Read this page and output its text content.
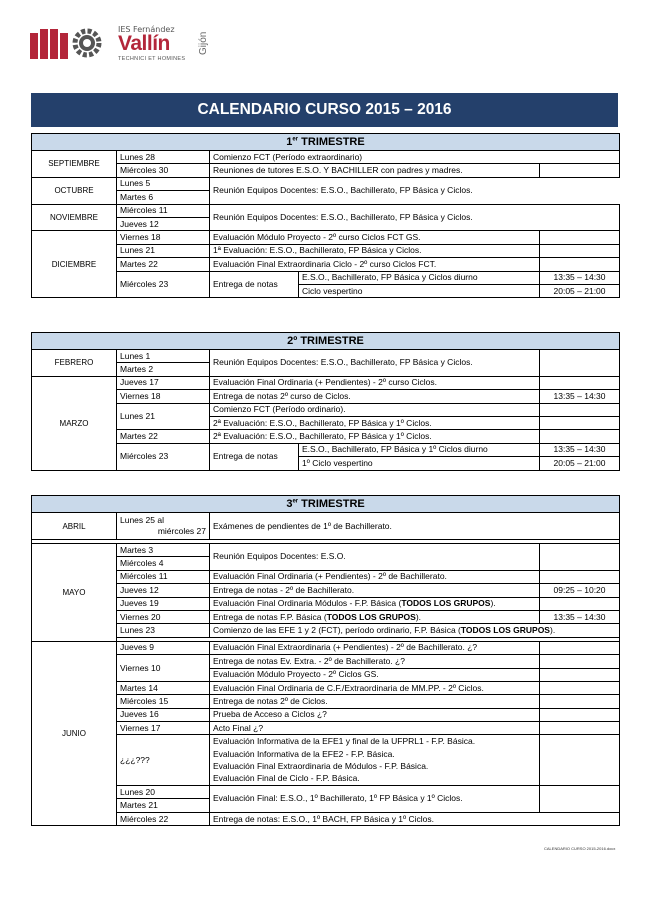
IES Fernández
Vallín
TECHNICI ET HOMINES
Gijón
CALENDARIO CURSO 2015 – 2016
1er TRIMESTRE				
SEPTIEMBRE	Lunes 28	Comienzo FCT (Período extraordinario)		
	Miércoles 30	Reuniones de tutores E.S.O. Y BACHILLER con padres y madres.		
OCTUBRE	Lunes 5	Reunión Equipos Docentes: E.S.O., Bachillerato, FP Básica y Ciclos.		
	Martes 6			
NOVIEMBRE	Miércoles 11	Reunión Equipos Docentes: E.S.O., Bachillerato, FP Básica y Ciclos.		
	Jueves 12			
DICIEMBRE	Viernes 18	Evaluación Módulo Proyecto - 2º curso Ciclos FCT GS.		
	Lunes 21	1ª Evaluación: E.S.O., Bachillerato, FP Básica y Ciclos.		
	Martes 22	Evaluación Final Extraordinaria Ciclo - 2º curso Ciclos FCT.		
	Miércoles 23	Entrega de notas	E.S.O., Bachillerato, FP Básica y Ciclos diurno	13:35 – 14:30
			Ciclo vespertino	20:05 – 21:00
2º TRIMESTRE				
FEBRERO	Lunes 1	Reunión Equipos Docentes: E.S.O., Bachillerato, FP Básica y Ciclos.		
	Martes 2			
MARZO	Jueves 17	Evaluación Final Ordinaria (+ Pendientes) - 2º curso Ciclos.		
	Viernes 18	Entrega de notas 2º curso de Ciclos.		13:35 – 14:30
	Lunes 21	Comienzo FCT (Período ordinario).		
		2ª Evaluación: E.S.O., Bachillerato, FP Básica y 1º Ciclos.		
	Martes 22	2ª Evaluación: E.S.O., Bachillerato, FP Básica y 1º Ciclos.		
	Miércoles 23	Entrega de notas	E.S.O., Bachillerato, FP Básica y 1º Ciclos diurno	13:35 – 14:30
			1º Ciclo vespertino	20:05 – 21:00
3er TRIMESTRE			
ABRIL	Lunes 25 al
miércoles 27	Exámenes de pendientes de 1º de Bachillerato.	

MAYO	Martes 3	Reunión Equipos Docentes: E.S.O.	
	Miércoles 4		
	Miércoles 11	Evaluación Final Ordinaria (+ Pendientes) - 2º de Bachillerato.	
	Jueves 12	Entrega de notas - 2º de Bachillerato.	09:25 – 10:20
	Jueves 19	Evaluación Final Ordinaria Módulos - F.P. Básica (TODOS LOS GRUPOS).	
	Viernes 20	Entrega de notas F.P. Básica (TODOS LOS GRUPOS).	13:35 – 14:30
	Lunes 23	Comienzo de las EFE 1 y 2 (FCT), período ordinario, F.P. Básica (TODOS LOS GRUPOS).	

JUNIO	Jueves 9	Evaluación Final Extraordinaria (+ Pendientes) - 2º de Bachillerato. ¿?	
	Viernes 10	Entrega de notas Ev. Extra. - 2º de Bachillerato. ¿?	
		Evaluación Módulo Proyecto - 2º Ciclos GS.	
	Martes 14	Evaluación Final Ordinaria de C.F./Extraordinaria de MM.PP. - 2º Ciclos.	
	Miércoles 15	Entrega de notas 2º de Ciclos.	
	Jueves 16	Prueba de Acceso a Ciclos ¿?	
	Viernes 17	Acto Final ¿?	
	¿¿¿???	Evaluación Informativa de la EFE1 y final de la UFPRL1 - F.P. Básica.	
		Evaluación Informativa de la EFE2 - F.P. Básica.	
		Evaluación Final Extraordinaria de Módulos - F.P. Básica.	
		Evaluación Final de Ciclo - F.P. Básica.	
	Lunes 20	Evaluación Final: E.S.O., 1º Bachillerato, 1º FP Básica y 1º Ciclos.	
	Martes 21		
	Miércoles 22	Entrega de notas: E.S.O., 1º BACH, FP Básica y 1º Ciclos.	
CALENDARIO CURSO 2015-2016.docx
